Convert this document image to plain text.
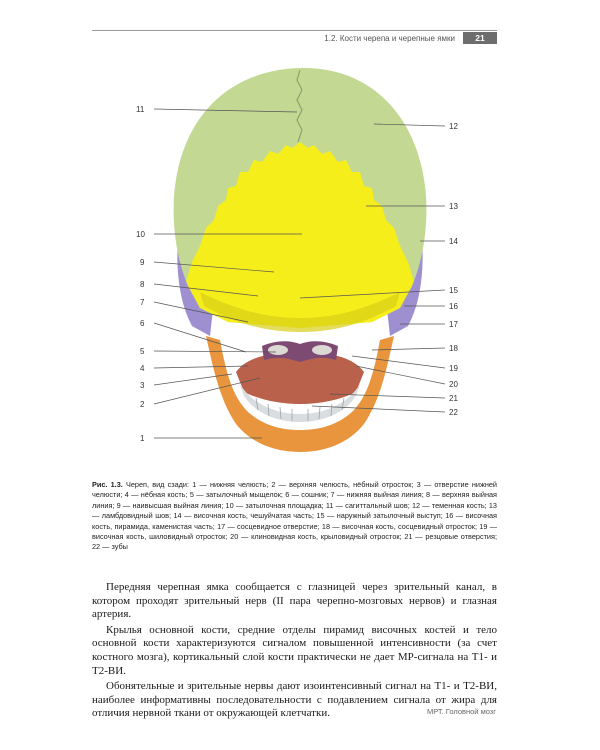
1.2. Кости черепа и черепные ямки	21
11
10
9
8
7
6
5
4
3
2
1
12
13
14
15
16
17
18
19
20
21
22
Рис. 1.3. Череп, вид сзади: 1 — нижняя челюсть; 2 — верхняя челюсть, нёбный отросток; 3 — отверстие нижней челюсти; 4 — нёбная кость; 5 — затылочный мыщелок; 6 — сошник; 7 — нижняя выйная линия; 8 — верхняя выйная линия; 9 — наивысшая выйная линия; 10 — затылочная площадка; 11 — сагиттальный шов; 12 — теменная кость; 13 — ламбдовидный шов; 14 — височная кость, чешуйчатая часть; 15 — наружный затылочный выступ; 16 — височная кость, пирамида, каменистая часть; 17 — сосцевидное отверстие; 18 — височная кость, сосцевидный отросток; 19 — височная кость, шиловидный отросток; 20 — клиновидная кость, крыловидный отросток; 21 — резцовые отверстия; 22 — зубы

Передняя черепная ямка сообщается с глазницей через зрительный канал, в котором проходят зрительный нерв (II пара черепно-мозговых нервов) и глазная артерия.

Крылья основной кости, средние отделы пирамид височных костей и тело основной кости характеризуются сигналом повышенной интенсивности (за счет костного мозга), кортикальный слой кости практически не дает МР-сигнала на Т1- и Т2-ВИ.

Обонятельные и зрительные нервы дают изоинтенсивный сигнал на Т1- и Т2-ВИ, наиболее информативны последовательности с подавлением сигнала от жира для отличия нервной ткани от окружающей клетчатки.	МРТ. Головной мозг
